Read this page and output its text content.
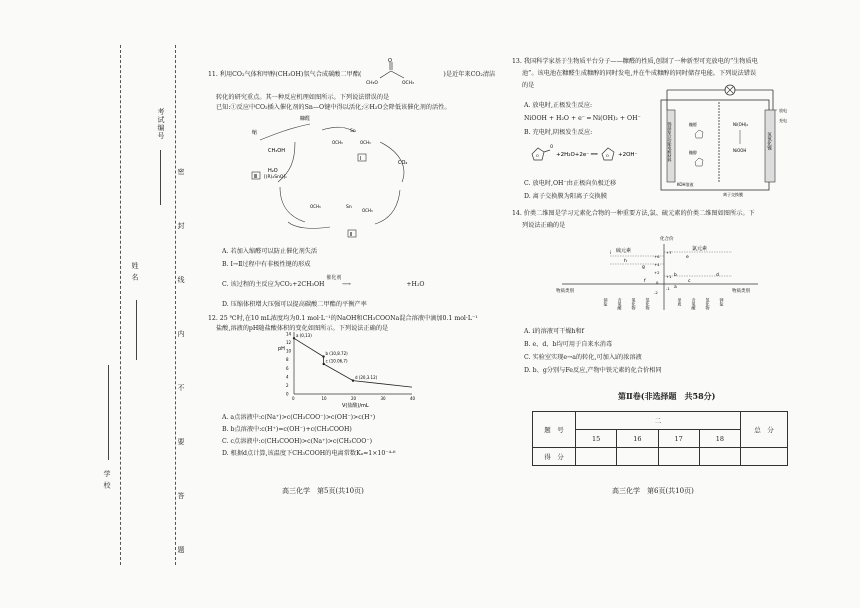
学 校
姓 名
考试编号
密
封
线
内
不
要
答
题
11. 利用CO₂气体和甲醇(CH₃OH)氛气合成碳酸二甲酯(	)是近年来CO₂清洁
O
CH₃O	OCH₃
转化的研究重点。其一种反应机理如图所示。下列说法错误的是
已知:①反应中CO₂插入催化剂的Sn—O键中得以活化;②H₂O会降低该催化剂的活性。
糠醛
缩
CH₃OH
H₂O
Sn
Ⅰ
OCH₃	OCH₃
CO₂
Ⅲ [(R)₂SnO]ₙ
OCH₃	Sn
OCH₃
Ⅱ
A. 若加入缩醛可以防止催化剂失活
B. Ⅰ→Ⅱ过程中有非极性键的形成
C. 该过程的主反应为CO₂+2CH₃OH
催化剂
⟶	+H₂O
D. 压缩体积增大压强可以提高碳酸二甲酯的平衡产率
12. 25 ℃时,在10 mL浓度均为0.1 mol·L⁻¹的NaOH和CH₃COONa混合溶液中滴加0.1 mol·L⁻¹
盐酸,溶液的pH随盐酸体积的变化如图所示。下列说法正确的是
pH
V(盐酸)/mL
0
2
4
6
8
10
12
14
0	10	20	30	40
a (0,13)
b (10,8.72)
c (10.06,7)
d (20,3.12)
A. a点溶液中:c(Na⁺)>c(CH₃COO⁻)>c(OH⁻)>c(H⁺)
B. b点溶液中:c(H⁺)=c(OH⁻)+c(CH₃COOH)
C. c点溶液中:c(CH₃COOH)>c(Na⁺)>c(CH₃COO⁻)
D. 根据d点计算,该温度下CH₃COOH的电离常数Kₐ=1×10⁻⁴·⁶
高三化学　第5页(共10页)
13. 我国科学家基于生物质平台分子——糠醛的性质,创制了一种新型可充放电的“生物质电
池”。该电池在糠醛生成糠醇的同时发电,并在牛成糠醇的同时储存电能。下列说法错误
的是
A. 放电时,正极发生反应:
NiOOH + H₂O + e⁻ ═ Ni(OH)₂ + OH⁻
B. 充电时,阴极发生反应:
O
O
+2H₂O+2e⁻ ══ O +2OH⁻
C. 放电时,OH⁻由正极向负极迁移
D. 离子交换膜为阳离子交换膜
锦基复合功能电极材料	氢氧化镍
糠醛
糠醇
Ni(OH)₂
NiOOH
KOH溶液
离子交换膜
放电
充电
14. 价类二维图是学习元素化合物的一种重要方法,氯、硫元素的价类二维图如图所示。下
列说法正确的是
化合价
硫元素	氯元素
物质类别	物质类别
+6
+4
+2
0
-2
+7
+1
-1
i
h
g
f
e
d
c
b
a
钠盐 含氧酸 氧化物 氢化物	单质 含氧酸 氢化物 钾盐
A. i的溶液可干燥h和f
B. e、d、b均可用于自来水消毒
C. 实验室实现e→a的转化,可加入i的浓溶液
D. b、g分别与Fe反应,产物中铁元素的化合价相同
第Ⅱ卷(非选择题　共58分)
题　号	二				总　分
	15	16	17	18	
得　分					
高三化学　第6页(共10页)
